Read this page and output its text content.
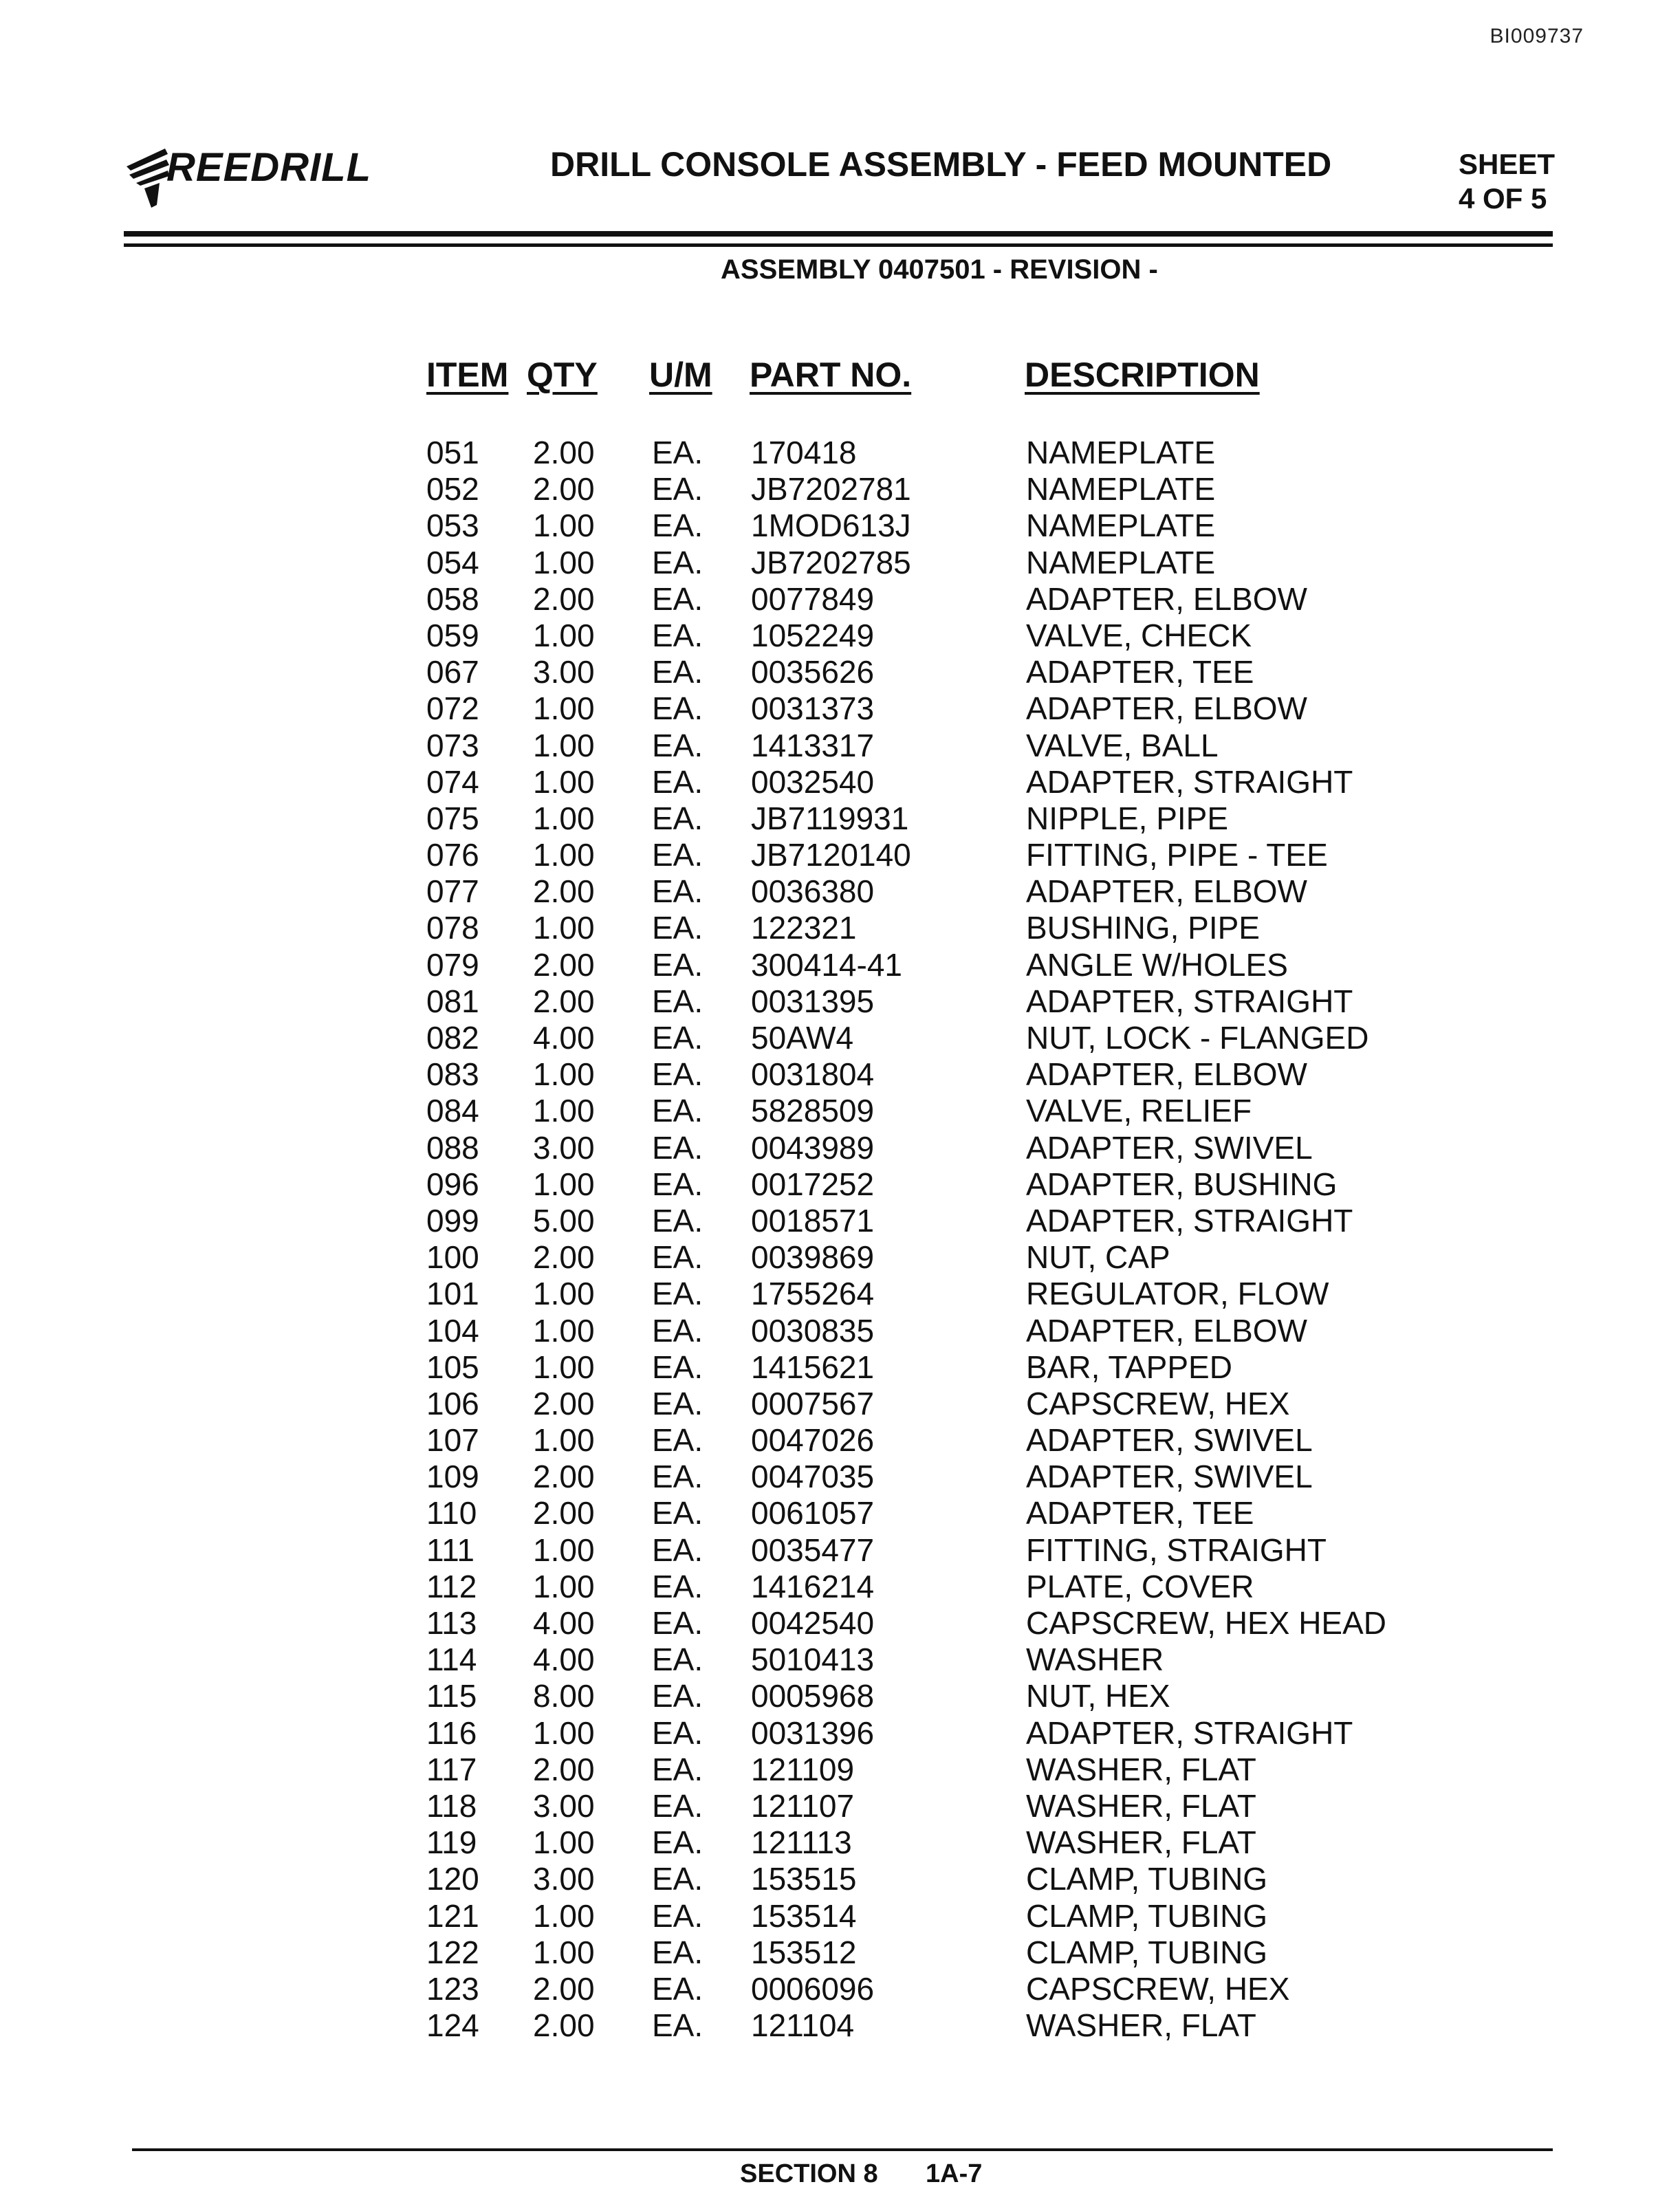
BI009737
REEDRILL	DRILL CONSOLE ASSEMBLY - FEED MOUNTED	SHEET
4 OF 5
ASSEMBLY 0407501 - REVISION -
ITEM QTY U/M PART NO.	DESCRIPTION
051 2.00 EA. 170418	NAMEPLATE
052 2.00 EA. JB7202781	NAMEPLATE
053 1.00 EA. 1MOD613J	NAMEPLATE
054 1.00 EA. JB7202785	NAMEPLATE
058 2.00 EA. 0077849	ADAPTER, ELBOW
059 1.00 EA. 1052249	VALVE, CHECK
067 3.00 EA. 0035626	ADAPTER, TEE
072 1.00 EA. 0031373	ADAPTER, ELBOW
073 1.00 EA. 1413317	VALVE, BALL
074 1.00 EA. 0032540	ADAPTER, STRAIGHT
075 1.00 EA. JB7119931	NIPPLE, PIPE
076 1.00 EA. JB7120140	FITTING, PIPE - TEE
077 2.00 EA. 0036380	ADAPTER, ELBOW
078 1.00 EA. 122321	BUSHING, PIPE
079 2.00 EA. 300414-41	ANGLE W/HOLES
081 2.00 EA. 0031395	ADAPTER, STRAIGHT
082 4.00 EA. 50AW4	NUT, LOCK - FLANGED
083 1.00 EA. 0031804	ADAPTER, ELBOW
084 1.00 EA. 5828509	VALVE, RELIEF
088 3.00 EA. 0043989	ADAPTER, SWIVEL
096 1.00 EA. 0017252	ADAPTER, BUSHING
099 5.00 EA. 0018571	ADAPTER, STRAIGHT
100 2.00 EA. 0039869	NUT, CAP
101 1.00 EA. 1755264	REGULATOR, FLOW
104 1.00 EA. 0030835	ADAPTER, ELBOW
105 1.00 EA. 1415621	BAR, TAPPED
106 2.00 EA. 0007567	CAPSCREW, HEX
107 1.00 EA. 0047026	ADAPTER, SWIVEL
109 2.00 EA. 0047035	ADAPTER, SWIVEL
110 2.00 EA. 0061057	ADAPTER, TEE
111 1.00 EA. 0035477	FITTING, STRAIGHT
112 1.00 EA. 1416214	PLATE, COVER
113 4.00 EA. 0042540	CAPSCREW, HEX HEAD
114 4.00 EA. 5010413	WASHER
115 8.00 EA. 0005968	NUT, HEX
116 1.00 EA. 0031396	ADAPTER, STRAIGHT
117 2.00 EA. 121109	WASHER, FLAT
118 3.00 EA. 121107	WASHER, FLAT
119 1.00 EA. 121113	WASHER, FLAT
120 3.00 EA. 153515	CLAMP, TUBING
121 1.00 EA. 153514	CLAMP, TUBING
122 1.00 EA. 153512	CLAMP, TUBING
123 2.00 EA. 0006096	CAPSCREW, HEX
124 2.00 EA. 121104	WASHER, FLAT
SECTION 8 1A-7
